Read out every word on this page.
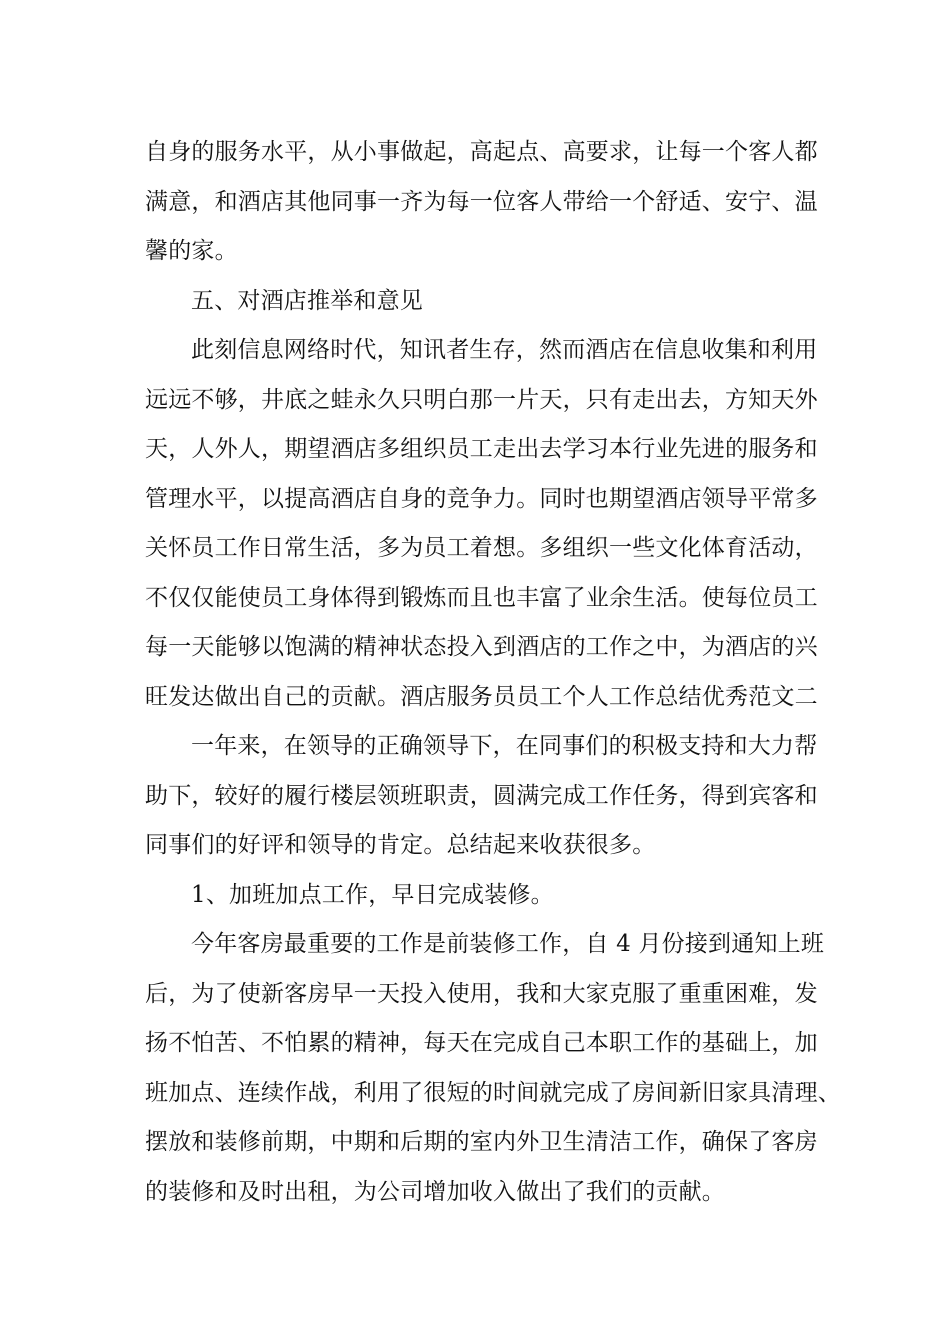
自身的服务水平，从小事做起，高起点、高要求，让每一个客人都
满意，和酒店其他同事一齐为每一位客人带给一个舒适、安宁、温
馨的家。
五、对酒店推举和意见
此刻信息网络时代，知讯者生存，然而酒店在信息收集和利用
远远不够，井底之蛙永久只明白那一片天，只有走出去，方知天外
天，人外人，期望酒店多组织员工走出去学习本行业先进的服务和
管理水平，以提高酒店自身的竞争力。同时也期望酒店领导平常多
关怀员工作日常生活，多为员工着想。多组织一些文化体育活动，
不仅仅能使员工身体得到锻炼而且也丰富了业余生活。使每位员工
每一天能够以饱满的精神状态投入到酒店的工作之中，为酒店的兴
旺发达做出自己的贡献。酒店服务员员工个人工作总结优秀范文二
一年来，在领导的正确领导下，在同事们的积极支持和大力帮
助下，较好的履行楼层领班职责，圆满完成工作任务，得到宾客和
同事们的好评和领导的肯定。总结起来收获很多。
1、加班加点工作，早日完成装修。
今年客房最重要的工作是前装修工作，自 4 月份接到通知上班
后，为了使新客房早一天投入使用，我和大家克服了重重困难，发
扬不怕苦、不怕累的精神，每天在完成自己本职工作的基础上，加
班加点、连续作战，利用了很短的时间就完成了房间新旧家具清理、
摆放和装修前期，中期和后期的室内外卫生清洁工作，确保了客房
的装修和及时出租，为公司增加收入做出了我们的贡献。
